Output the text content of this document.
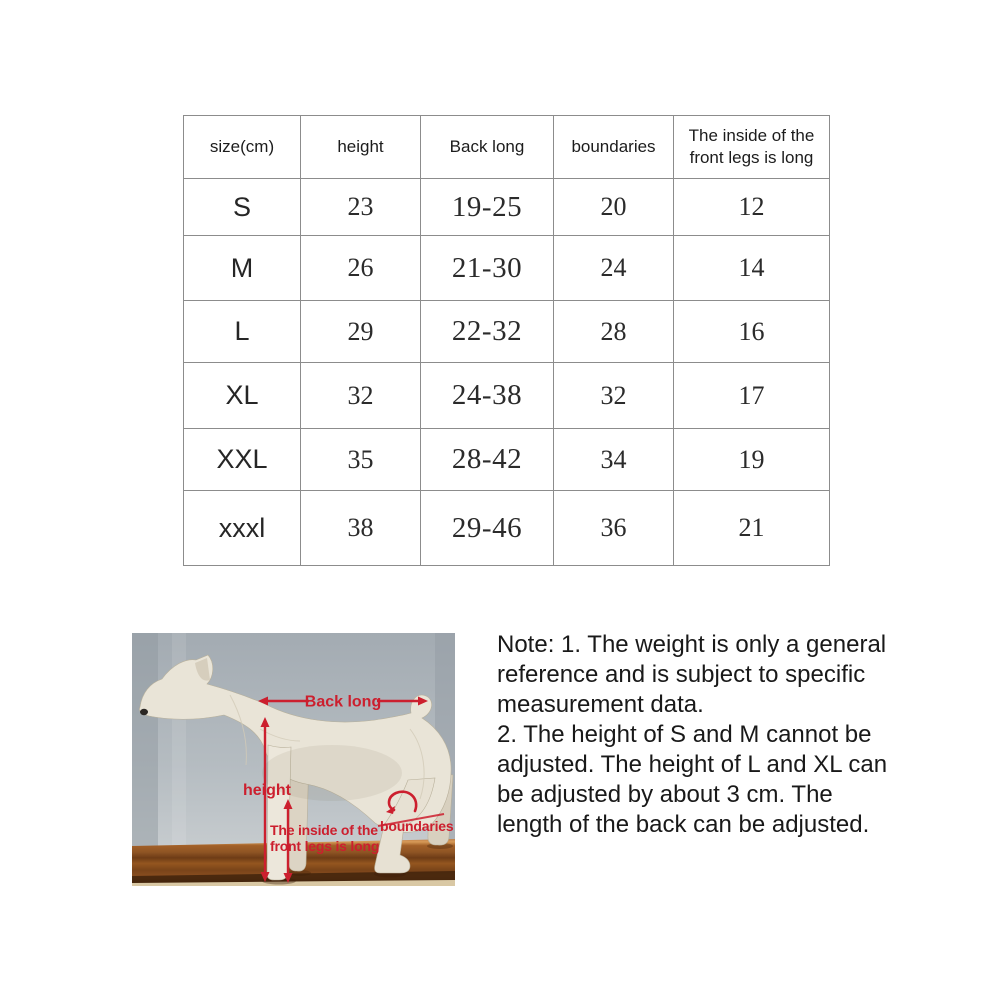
size(cm)	height	Back long	boundaries	The inside of the front legs is long
S	23	19-25	20	12
M	26	21-30	24	14
L	29	22-32	28	16
XL	32	24-38	32	17
XXL	35	28-42	34	19
xxxl	38	29-46	36	21
Back long
height
The inside of the
front legs is long
boundaries
Note: 1. The weight is only a general
reference and is subject to specific
measurement data.
2. The height of S and M cannot be
adjusted. The height of L and XL can
be adjusted by about 3 cm. The
length of the back can be adjusted.
